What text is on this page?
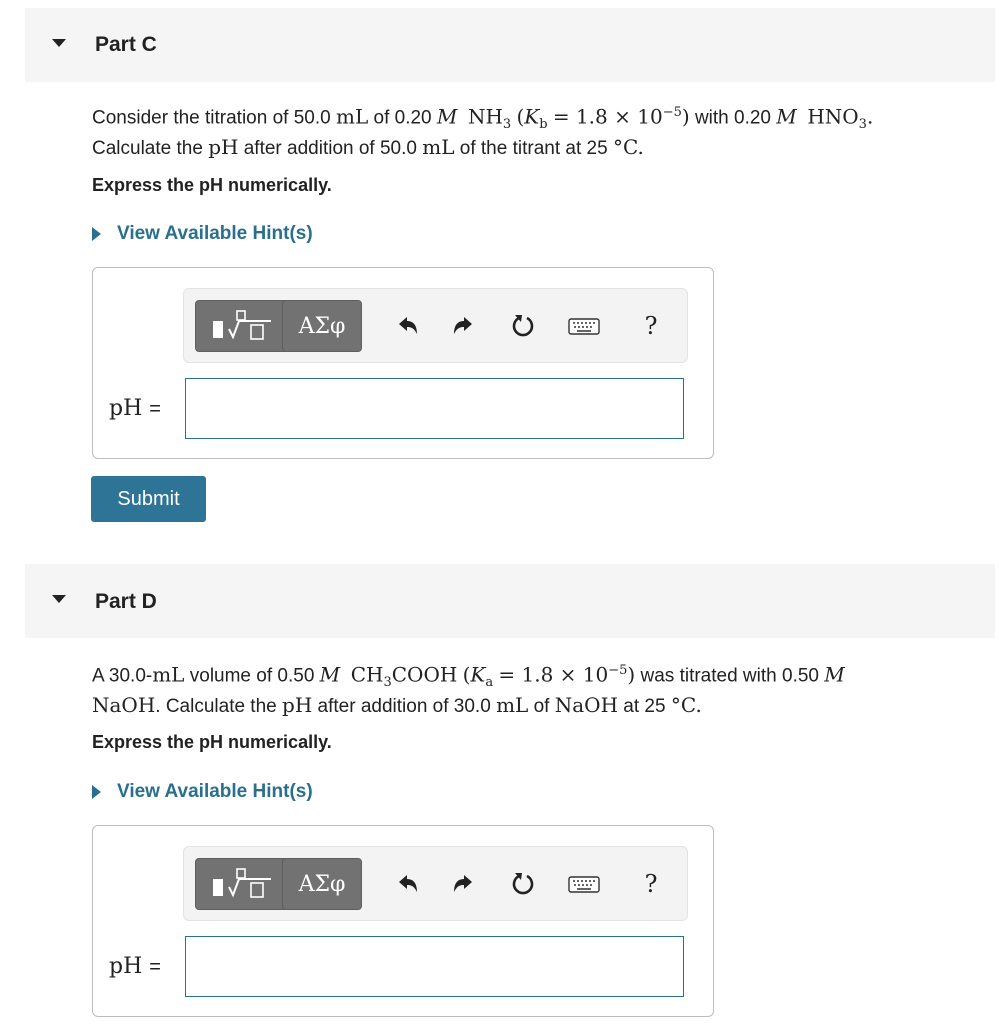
Part C
Consider the titration of 50.0 mL of 0.20 M $NH_3$ $(K_b = 1.8 \times 10^{-5})$ with 0.20 M $HNO_3$.
Calculate the pH after addition of 50.0 mL of the titrant at 25 °C.
Express the pH numerically.
View Available Hint(s)
ΑΣφ	?
pH =
Submit
Part D
A 30.0-mL volume of 0.50 M $CH_3COOH$ $(K_a = 1.8 \times 10^{-5})$ was titrated with 0.50 M
NaOH. Calculate the pH after addition of 30.0 mL of NaOH at 25 °C.
Express the pH numerically.
View Available Hint(s)
ΑΣφ	?
pH =
